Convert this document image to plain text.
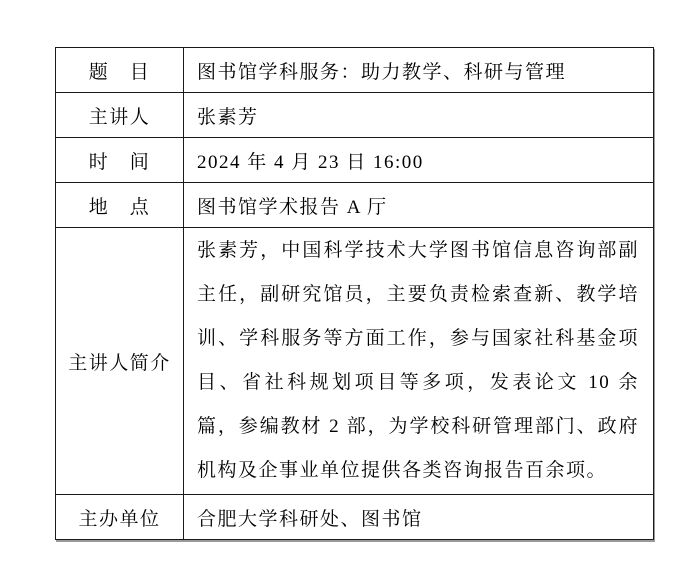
题　目	图书馆学科服务：助力教学、科研与管理
主讲人	张素芳
时　间	2024 年 4 月 23 日 16:00
地　点	图书馆学术报告 A 厅
主讲人简介	张素芳，中国科学技术大学图书馆信息咨询部副主任，副研究馆员，主要负责检索查新、教学培训、学科服务等方面工作，参与国家社科基金项目、省社科规划项目等多项，发表论文 10 余篇，参编教材 2 部，为学校科研管理部门、政府机构及企事业单位提供各类咨询报告百余项。
主办单位	合肥大学科研处、图书馆
